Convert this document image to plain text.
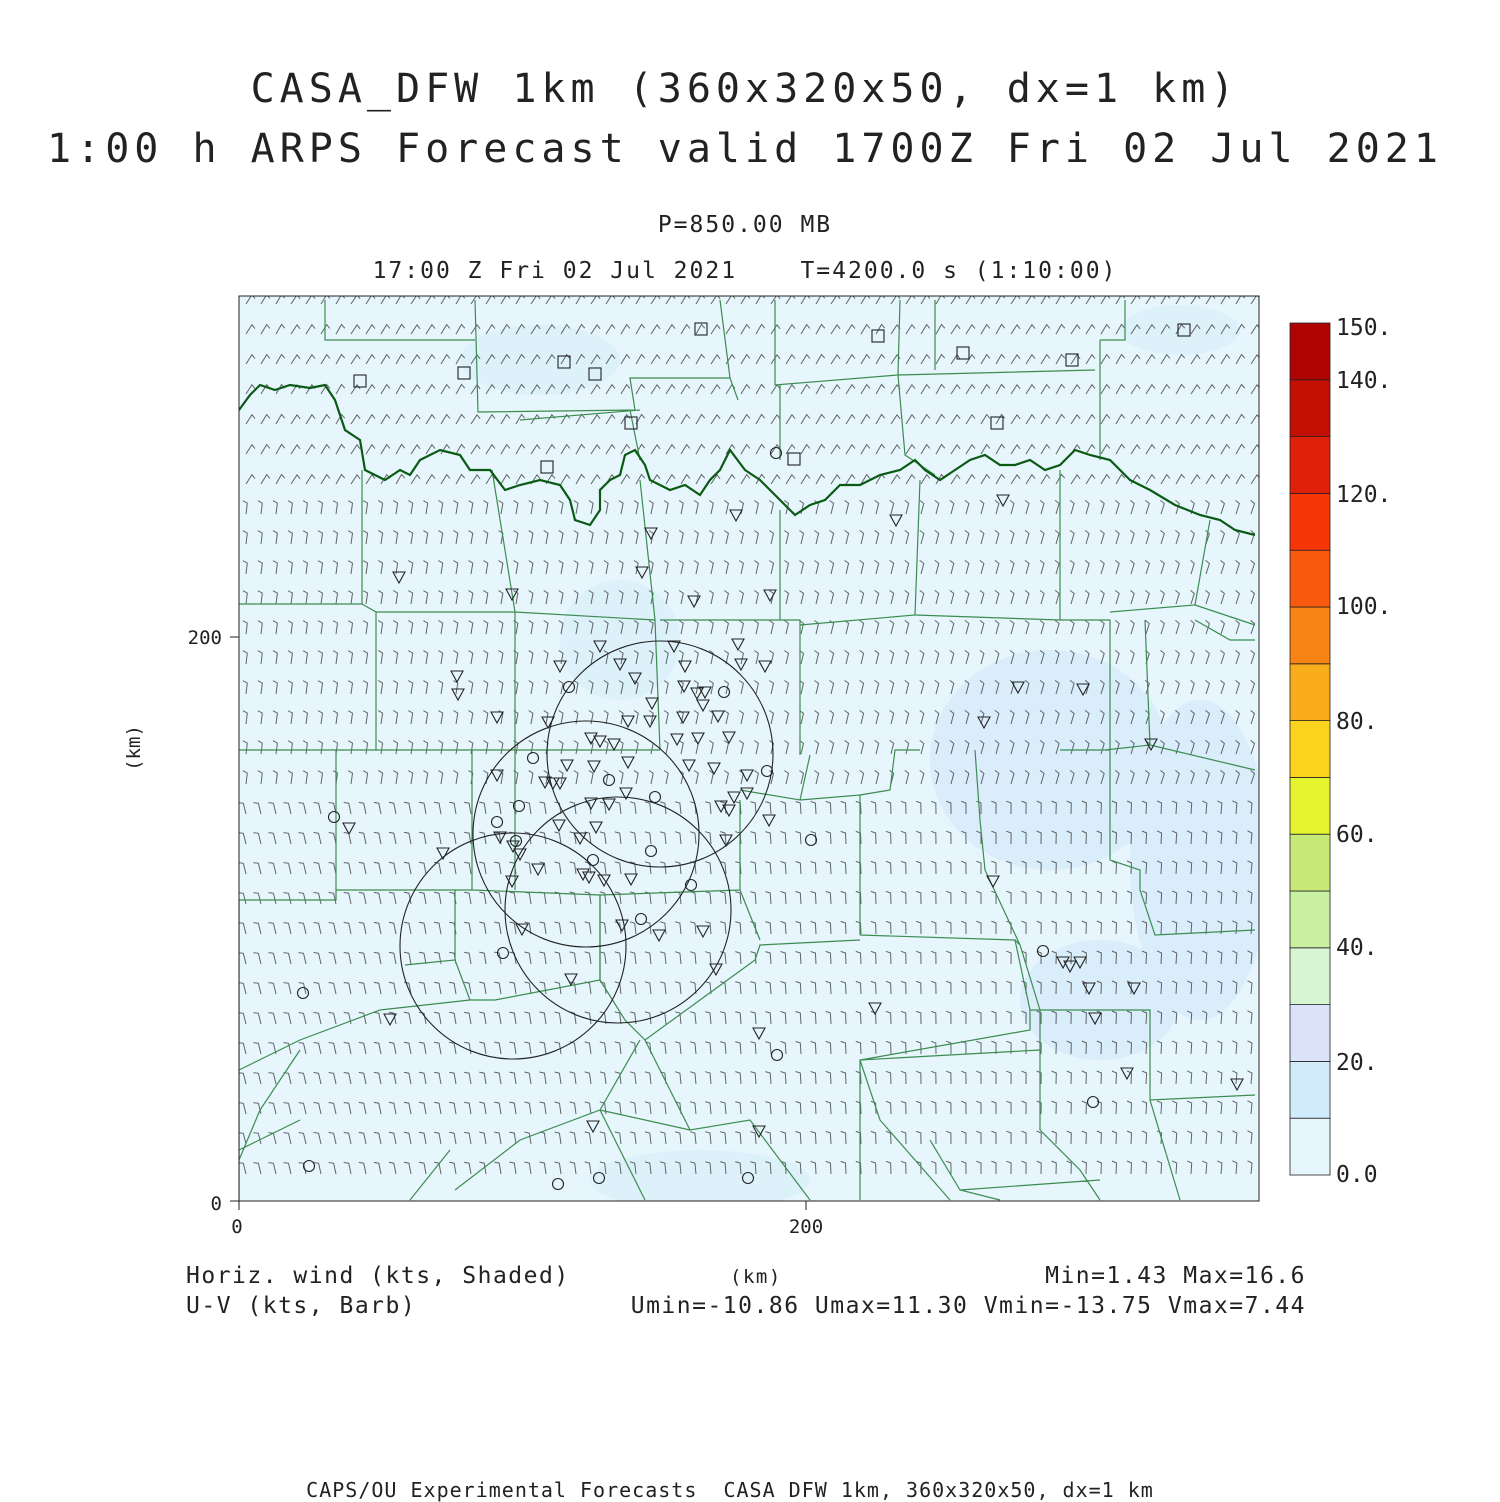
CASA_DFW 1km (360x320x50, dx=1 km)
1:00 h ARPS Forecast valid 1700Z Fri 02 Jul 2021
P=850.00 MB
17:00 Z Fri 02 Jul 2021    T=4200.0 s (1:10:00)
0	200
0
200
(km)
150.
140.
120.
100.
80.
60.
40.
20.
0.0
Horiz. wind (kts, Shaded)
U-V (kts, Barb)
(km)	Min=1.43 Max=16.6
Umin=-10.86 Umax=11.30 Vmin=-13.75 Vmax=7.44
CAPS/OU Experimental Forecasts  CASA DFW 1km, 360x320x50, dx=1 km
